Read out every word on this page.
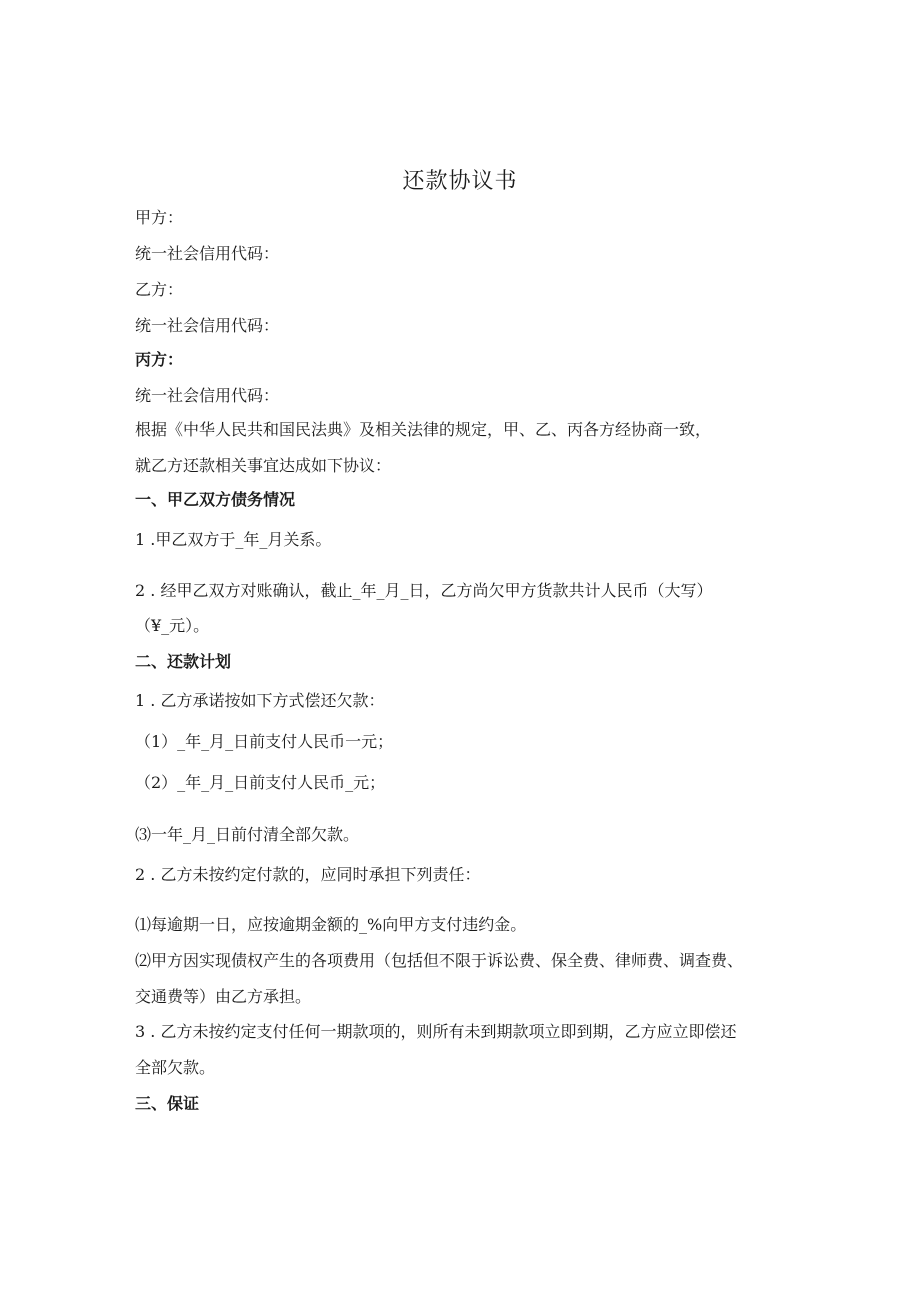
还款协议书
甲方：
统一社会信用代码：
乙方：
统一社会信用代码：
丙方：
统一社会信用代码：
根据《中华人民共和国民法典》及相关法律的规定，甲、乙、丙各方经协商一致，
就乙方还款相关事宜达成如下协议：
一、甲乙双方债务情况
1 .甲乙双方于_年_月关系。
2 . 经甲乙双方对账确认，截止_年_月_日，乙方尚欠甲方货款共计人民币（大写）
（¥_元）。
二、还款计划
1 . 乙方承诺按如下方式偿还欠款：
（1）_年_月_日前支付人民币一元；
（2）_年_月_日前支付人民币_元；
⑶一年_月_日前付清全部欠款。
2 . 乙方未按约定付款的，应同时承担下列责任：
⑴每逾期一日，应按逾期金额的_%向甲方支付违约金。
⑵甲方因实现债权产生的各项费用（包括但不限于诉讼费、保全费、律师费、调查费、
交通费等）由乙方承担。
3 . 乙方未按约定支付任何一期款项的，则所有未到期款项立即到期，乙方应立即偿还
全部欠款。
三、保证
